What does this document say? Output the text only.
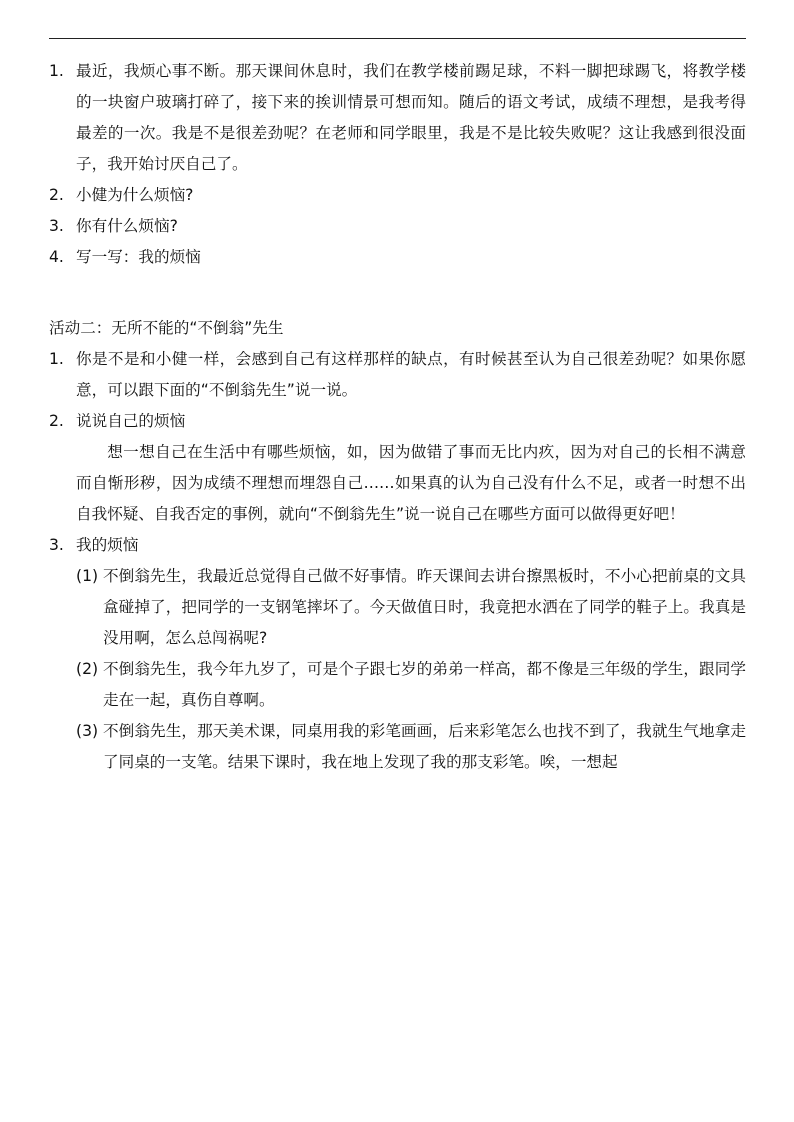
1. 最近，我烦心事不断。那天课间休息时，我们在教学楼前踢足球，不料一脚把球踢飞，将教学楼的一块窗户玻璃打碎了，接下来的挨训情景可想而知。随后的语文考试，成绩不理想，是我考得最差的一次。我是不是很差劲呢？在老师和同学眼里，我是不是比较失败呢？这让我感到很没面子，我开始讨厌自己了。

2. 小健为什么烦恼?

3. 你有什么烦恼?

4. 写一写：我的烦恼

活动二：无所不能的“不倒翁”先生

1. 你是不是和小健一样，会感到自己有这样那样的缺点，有时候甚至认为自己很差劲呢？如果你愿意，可以跟下面的“不倒翁先生”说一说。

2. 说说自己的烦恼

想一想自己在生活中有哪些烦恼，如，因为做错了事而无比内疚，因为对自己的长相不满意而自惭形秽，因为成绩不理想而埋怨自己……如果真的认为自己没有什么不足，或者一时想不出自我怀疑、自我否定的事例，就向“不倒翁先生”说一说自己在哪些方面可以做得更好吧！

3. 我的烦恼

(1) 不倒翁先生，我最近总觉得自己做不好事情。昨天课间去讲台擦黑板时，不小心把前桌的文具盒碰掉了，把同学的一支钢笔摔坏了。今天做值日时，我竟把水洒在了同学的鞋子上。我真是没用啊，怎么总闯祸呢?

(2) 不倒翁先生，我今年九岁了，可是个子跟七岁的弟弟一样高，都不像是三年级的学生，跟同学走在一起，真伤自尊啊。

(3) 不倒翁先生，那天美术课，同桌用我的彩笔画画，后来彩笔怎么也找不到了，我就生气地拿走了同桌的一支笔。结果下课时，我在地上发现了我的那支彩笔。唉，一想起
